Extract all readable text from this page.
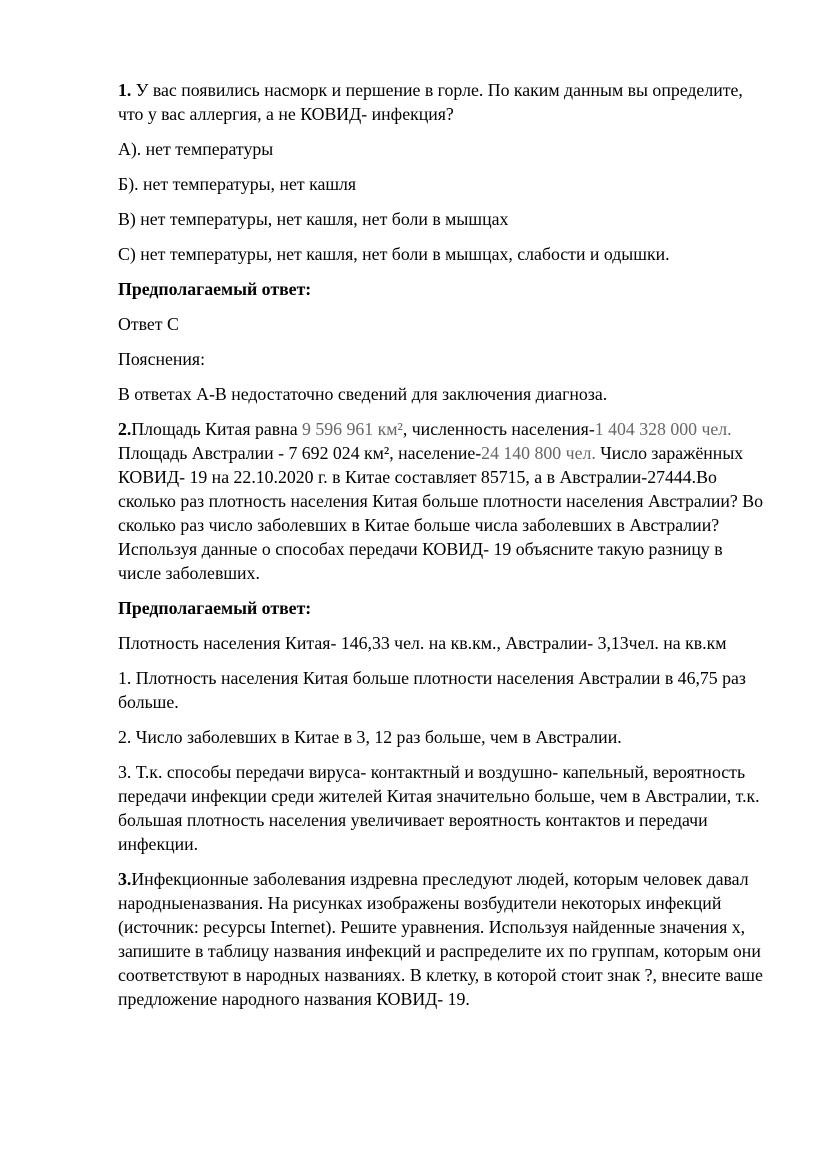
1. У вас появились насморк и першение в горле. По каким данным вы определите, что у вас аллергия, а не КОВИД- инфекция?

А). нет температуры

Б). нет температуры, нет кашля

В) нет температуры, нет кашля, нет боли в мышцах

С) нет температуры, нет кашля, нет боли в мышцах, слабости и одышки.

Предполагаемый ответ:

Ответ С

Пояснения:

В ответах А-В недостаточно сведений для заключения диагноза.

2.Площадь Китая равна 9 596 961 км², численность населения-1 404 328 000 чел. Площадь Австралии - 7 692 024 км², население-24 140 800 чел. Число заражённых КОВИД- 19 на 22.10.2020 г. в Китае составляет 85715, а в Австралии-27444.Во сколько раз плотность населения Китая больше плотности населения Австралии? Во сколько раз число заболевших в Китае больше числа заболевших в Австралии? Используя данные о способах передачи КОВИД- 19 объясните такую разницу в числе заболевших.

Предполагаемый ответ:

Плотность населения Китая- 146,33 чел. на кв.км., Австралии- 3,13чел. на кв.км

1. Плотность населения Китая больше плотности населения Австралии в 46,75 раз больше.

2. Число заболевших в Китае в 3, 12 раз больше, чем в Австралии.

3. Т.к. способы передачи вируса- контактный и воздушно- капельный, вероятность передачи инфекции среди жителей Китая значительно больше, чем в Австралии, т.к. большая плотность населения увеличивает вероятность контактов и передачи инфекции.

3.Инфекционные заболевания издревна преследуют людей, которым человек давал народныеназвания. На рисунках изображены возбудители некоторых инфекций (источник: ресурсы Internet). Решите уравнения. Используя найденные значения х, запишите в таблицу названия инфекций и распределите их по группам, которым они соответствуют в народных названиях. В клетку, в которой стоит знак ?, внесите ваше предложение народного названия КОВИД- 19.
